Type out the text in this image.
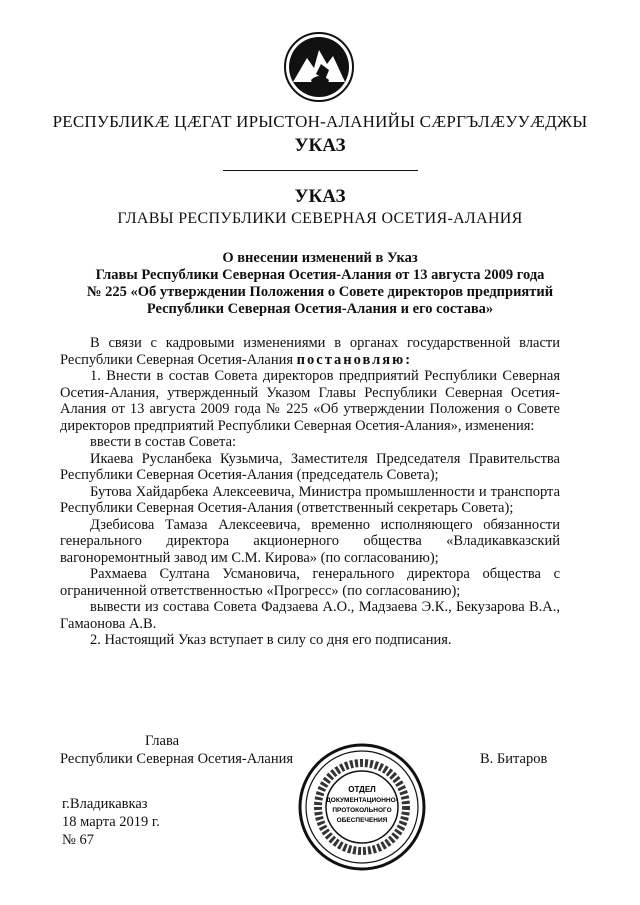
РЕСПУБЛИКӔ ЦӔГАТ ИРЫСТОН-АЛАНИЙЫ СӔРГЪЛӔУУӔДЖЫ
УКАЗ
УКАЗ
ГЛАВЫ РЕСПУБЛИКИ СЕВЕРНАЯ ОСЕТИЯ-АЛАНИЯ
О внесении изменений в Указ
Главы Республики Северная Осетия-Алания от 13 августа 2009 года
№ 225 «Об утверждении Положения о Совете директоров предприятий
Республики Северная Осетия-Алания и его состава»

В связи с кадровыми изменениями в органах государственной власти Республики Северная Осетия-Алания постановляю:

1. Внести в состав Совета директоров предприятий Республики Северная Осетия-Алания, утвержденный Указом Главы Республики Северная Осетия-Алания от 13 августа 2009 года № 225 «Об утверждении Положения о Совете директоров предприятий Республики Северная Осетия-Алания», изменения:

ввести в состав Совета:

Икаева Русланбека Кузьмича, Заместителя Председателя Правительства Республики Северная Осетия-Алания (председатель Совета);

Бутова Хайдарбека Алексеевича, Министра промышленности и транспорта Республики Северная Осетия-Алания (ответственный секретарь Совета);

Дзебисова Тамаза Алексеевича, временно исполняющего обязанности генерального директора акционерного общества «Владикавказский вагоноремонтный завод им С.М. Кирова» (по согласованию);

Рахмаева Султана Усмановича, генерального директора общества с ограниченной ответственностью «Прогресс» (по согласованию);

вывести из состава Совета Фадзаева А.О., Мадзаева Э.К., Бекузарова В.А., Гамаонова А.В.

2. Настоящий Указ вступает в силу со дня его подписания.

Глава
Республики Северная Осетия-Алания	В. Битаров
ОТДЕЛ
ДОКУМЕНТАЦИОННО-
ПРОТОКОЛЬНОГО
ОБЕСПЕЧЕНИЯ
г.Владикавказ
18 марта 2019 г.
№ 67
